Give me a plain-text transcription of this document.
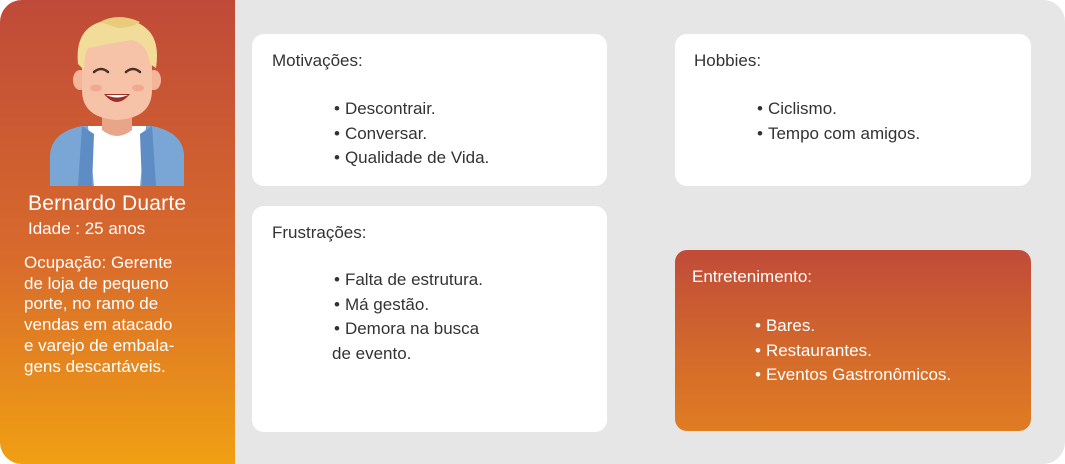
Bernardo Duarte
Idade : 25 anos
Ocupação: Gerente
de loja de pequeno
porte, no ramo de
vendas em atacado
e varejo de embala-
gens descartáveis.
Motivações:
• Descontrair.
• Conversar.
• Qualidade de Vida.
Hobbies:
• Ciclismo.
• Tempo com amigos.
Frustrações:
• Falta de estrutura.
• Má gestão.
• Demora na busca
de evento.
Entretenimento:
• Bares.
• Restaurantes.
• Eventos Gastronômicos.
